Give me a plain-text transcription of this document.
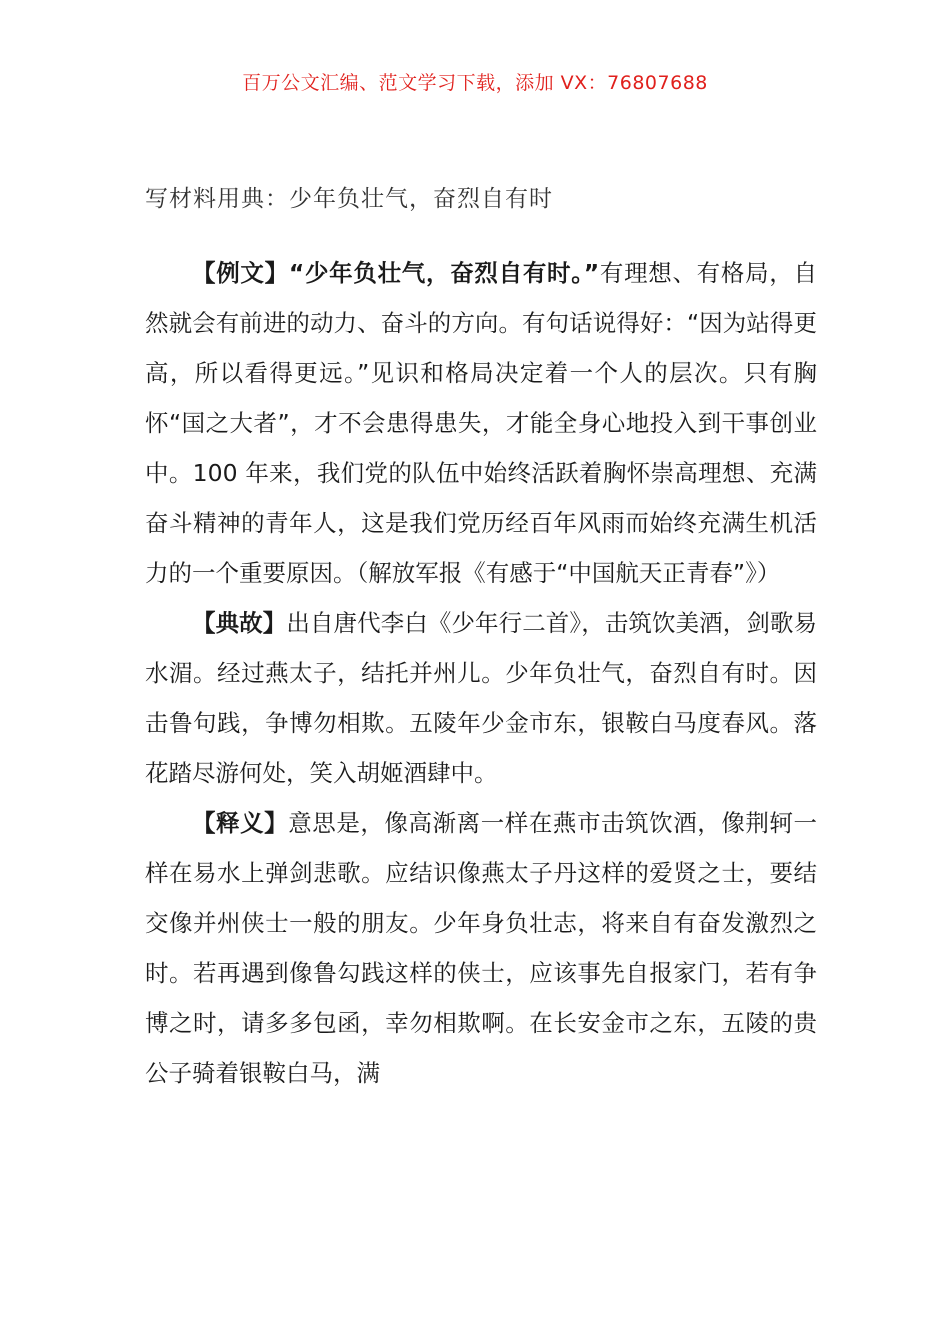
百万公文汇编、范文学习下载，添加 VX：76807688
写材料用典：少年负壮气，奋烈自有时

【例文】“少年负壮气，奋烈自有时。”有理想、有格局，自然就会有前进的动力、奋斗的方向。有句话说得好：“因为站得更高，所以看得更远。”见识和格局决定着一个人的层次。只有胸怀“国之大者”，才不会患得患失，才能全身心地投入到干事创业中。100 年来，我们党的队伍中始终活跃着胸怀崇高理想、充满奋斗精神的青年人，这是我们党历经百年风雨而始终充满生机活力的一个重要原因。（解放军报《有感于“中国航天正青春”》）

【典故】出自唐代李白《少年行二首》，击筑饮美酒，剑歌易水湄。经过燕太子，结托并州儿。少年负壮气，奋烈自有时。因击鲁句践，争博勿相欺。五陵年少金市东，银鞍白马度春风。落花踏尽游何处，笑入胡姬酒肆中。

【释义】意思是，像高渐离一样在燕市击筑饮酒，像荆轲一样在易水上弹剑悲歌。应结识像燕太子丹这样的爱贤之士，要结交像并州侠士一般的朋友。少年身负壮志，将来自有奋发激烈之时。若再遇到像鲁勾践这样的侠士，应该事先自报家门，若有争博之时，请多多包函，幸勿相欺啊。在长安金市之东，五陵的贵公子骑着银鞍白马，满
